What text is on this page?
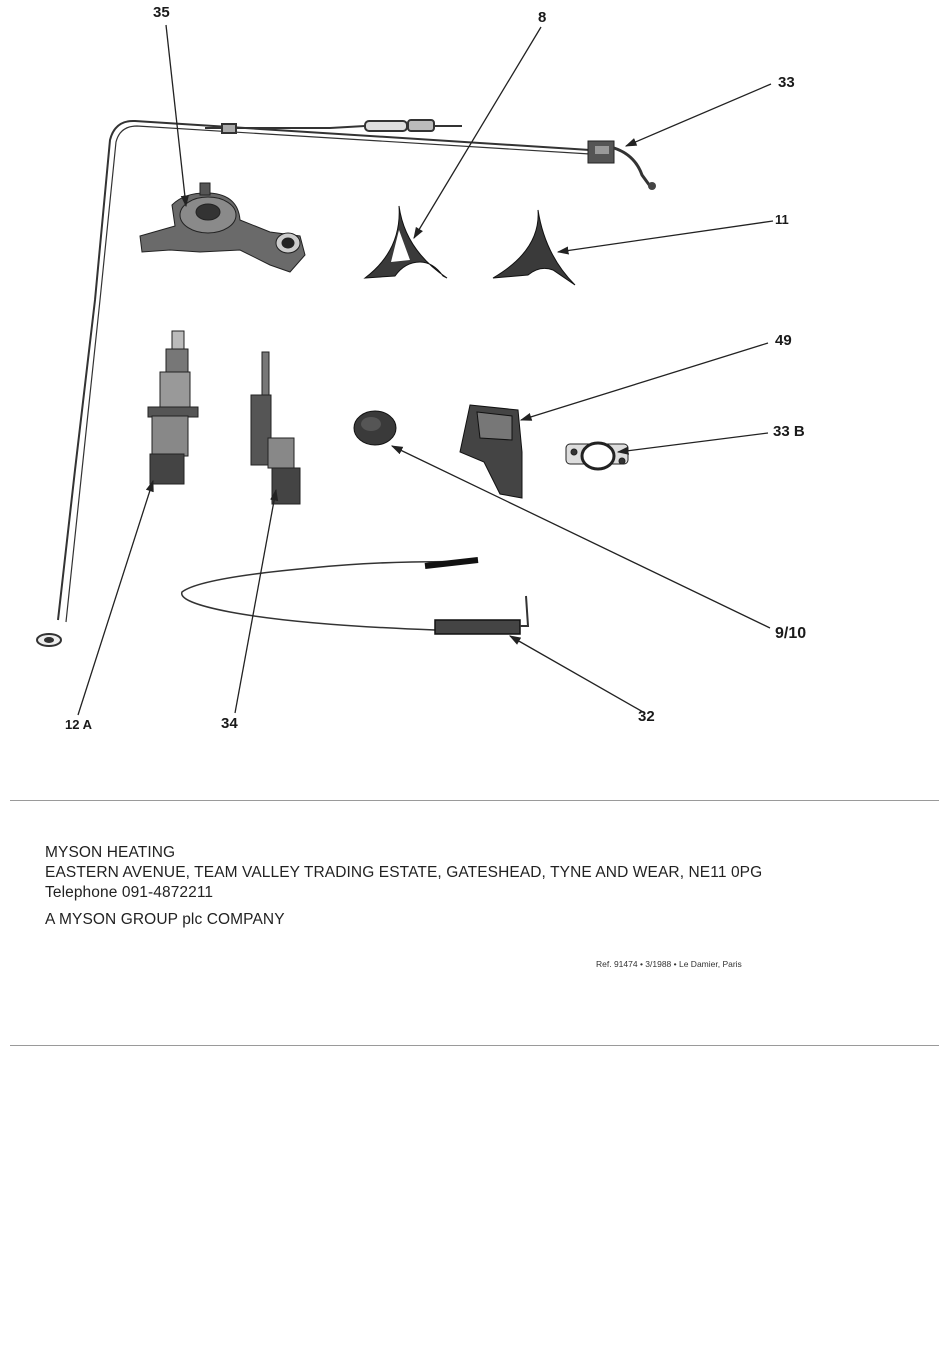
35	8
33
11
49
33 B
9/10
12 A	34	32
MYSON HEATING
EASTERN AVENUE, TEAM VALLEY TRADING ESTATE, GATESHEAD, TYNE AND WEAR, NE11 0PG
Telephone 091-4872211
A MYSON GROUP plc COMPANY
Ref. 91474 • 3/1988 • Le Damier, Paris
